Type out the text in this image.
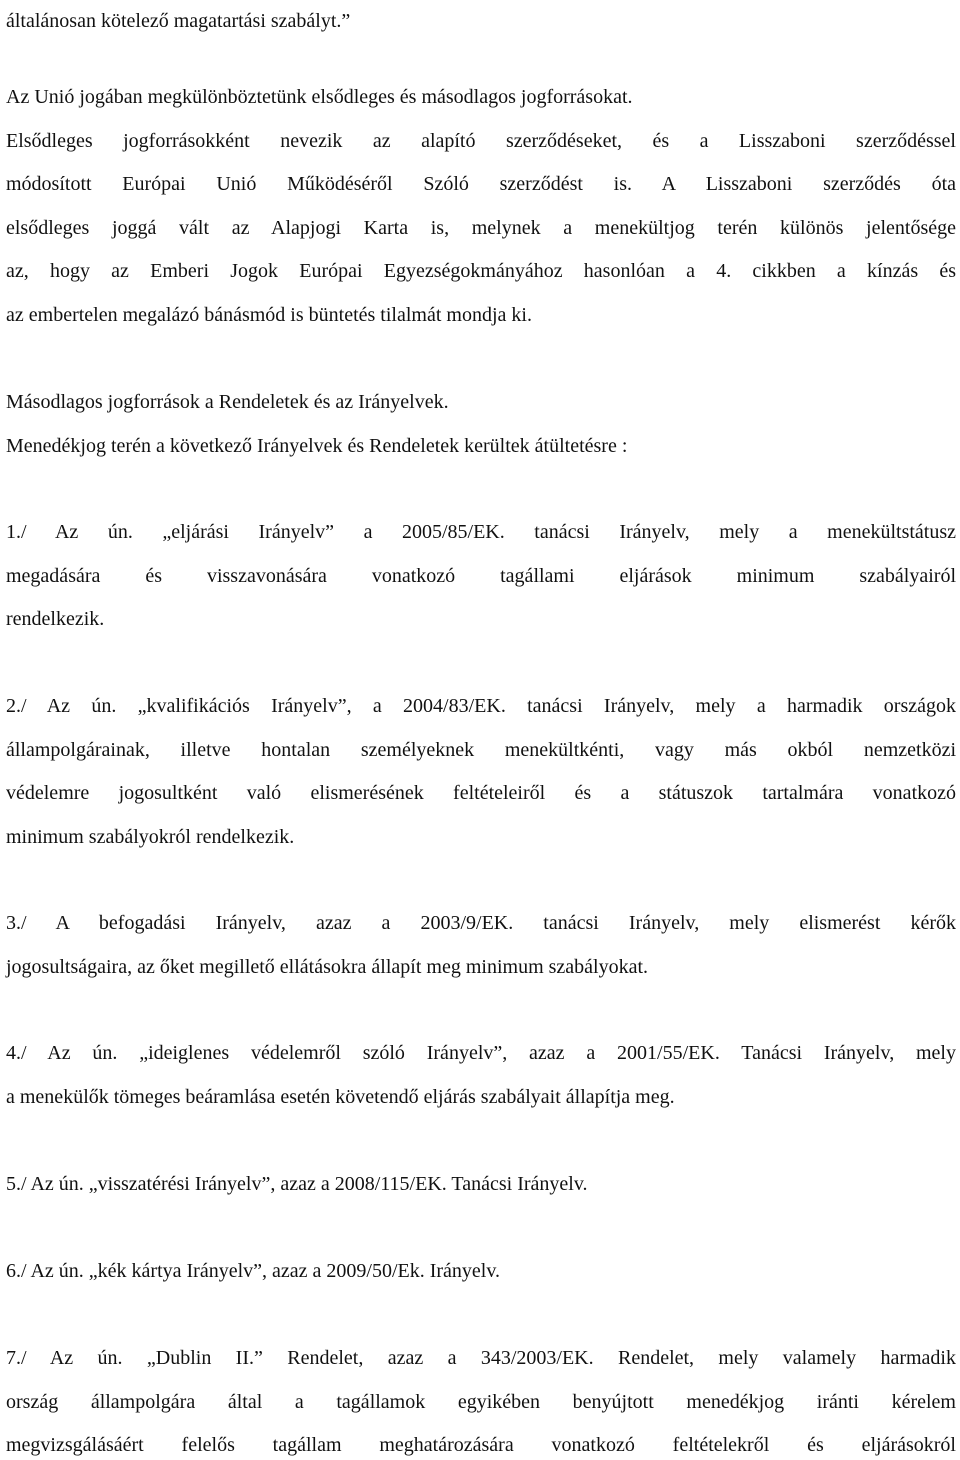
általánosan kötelező magatartási szabályt.”
Az Unió jogában megkülönböztetünk elsődleges és másodlagos jogforrásokat.
Elsődleges jogforrásokként nevezik az alapító szerződéseket, és a Lisszaboni szerződéssel
módosított Európai Unió Működéséről Szóló szerződést is. A Lisszaboni szerződés óta
elsődleges joggá vált az Alapjogi Karta is, melynek a menekültjog terén különös jelentősége
az, hogy az Emberi Jogok Európai Egyezségokmányához hasonlóan a 4. cikkben a kínzás és
az embertelen megalázó bánásmód is büntetés tilalmát mondja ki.
Másodlagos jogforrások a Rendeletek és az Irányelvek.
Menedékjog terén a következő Irányelvek és Rendeletek kerültek átültetésre :
1./ Az ún. „eljárási Irányelv” a 2005/85/EK. tanácsi Irányelv, mely a menekültstátusz
megadására és visszavonására vonatkozó tagállami eljárások minimum szabályairól
rendelkezik.
2./ Az ún. „kvalifikációs Irányelv”, a 2004/83/EK. tanácsi Irányelv, mely a harmadik országok
állampolgárainak, illetve hontalan személyeknek menekültkénti, vagy más okból nemzetközi
védelemre jogosultként való elismerésének feltételeiről és a státuszok tartalmára vonatkozó
minimum szabályokról rendelkezik.
3./ A befogadási Irányelv, azaz a 2003/9/EK. tanácsi Irányelv, mely elismerést kérők
jogosultságaira, az őket megillető ellátásokra állapít meg minimum szabályokat.
4./ Az ún. „ideiglenes védelemről szóló Irányelv”, azaz a 2001/55/EK. Tanácsi Irányelv, mely
a menekülők tömeges beáramlása esetén követendő eljárás szabályait állapítja meg.
5./ Az ún. „visszatérési Irányelv”, azaz a 2008/115/EK. Tanácsi Irányelv.
6./ Az ún. „kék kártya Irányelv”, azaz a 2009/50/Ek. Irányelv.
7./ Az ún. „Dublin II.” Rendelet, azaz a 343/2003/EK. Rendelet, mely valamely harmadik
ország állampolgára által a tagállamok egyikében benyújtott menedékjog iránti kérelem
megvizsgálásáért felelős tagállam meghatározására vonatkozó feltételekről és eljárásokról
